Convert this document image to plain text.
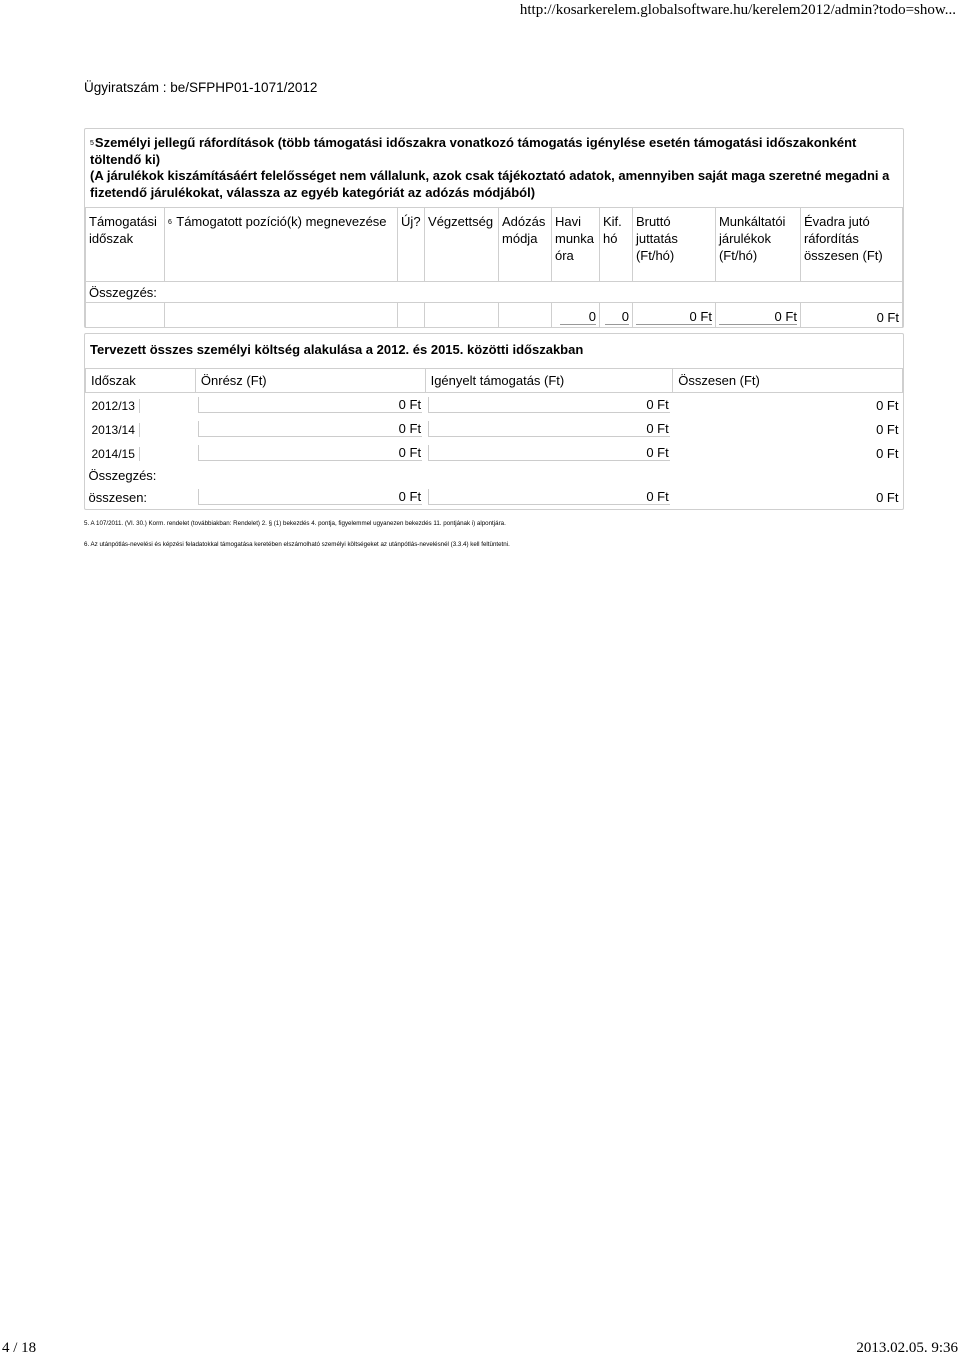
http://kosarkerelem.globalsoftware.hu/kerelem2012/admin?todo=show...
Ügyiratszám : be/SFPHP01-1071/2012
$^5$Személyi jellegű ráfordítások (több támogatási időszakra vonatkozó támogatás igénylése esetén támogatási időszakonként töltendő ki)
(A járulékok kiszámításáért felelősséget nem vállalunk, azok csak tájékoztató adatok, amennyiben saját maga szeretné megadni a fizetendő járulékokat, válassza az egyéb kategóriát az adózás módjából)
Támogatási időszak	$^6$ Támogatott pozíció(k) megnevezése	Új?	Végzettség	Adózás módja	Havi munka óra	Kif. hó	Bruttó juttatás (Ft/hó)	Munkáltatói járulékok (Ft/hó)	Évadra jutó ráfordítás összesen (Ft)
Összegzés:									
					0	0	0 Ft	0 Ft	0 Ft
Tervezett összes személyi költség alakulása a 2012. és 2015. közötti időszakban
Időszak	Önrész (Ft)	Igényelt támogatás (Ft)	Összesen (Ft)
2012/13	0 Ft	0 Ft	0 Ft

2013/14	0 Ft	0 Ft	0 Ft

2014/15	0 Ft	0 Ft	0 Ft

Összegzés:			
összesen:	0 Ft	0 Ft	0 Ft
5. A 107/2011. (VI. 30.) Korm. rendelet (továbbiakban: Rendelet) 2. § (1) bekezdés 4. pontja, figyelemmel ugyanezen bekezdés 11. pontjának i) alpontjára.
6. Az utánpótlás-nevelési és képzési feladatokkal támogatása keretében elszámolható személyi költségeket az utánpótlás-nevelésnél (3.3.4) kell feltüntetni.
4 / 18	2013.02.05. 9:36
